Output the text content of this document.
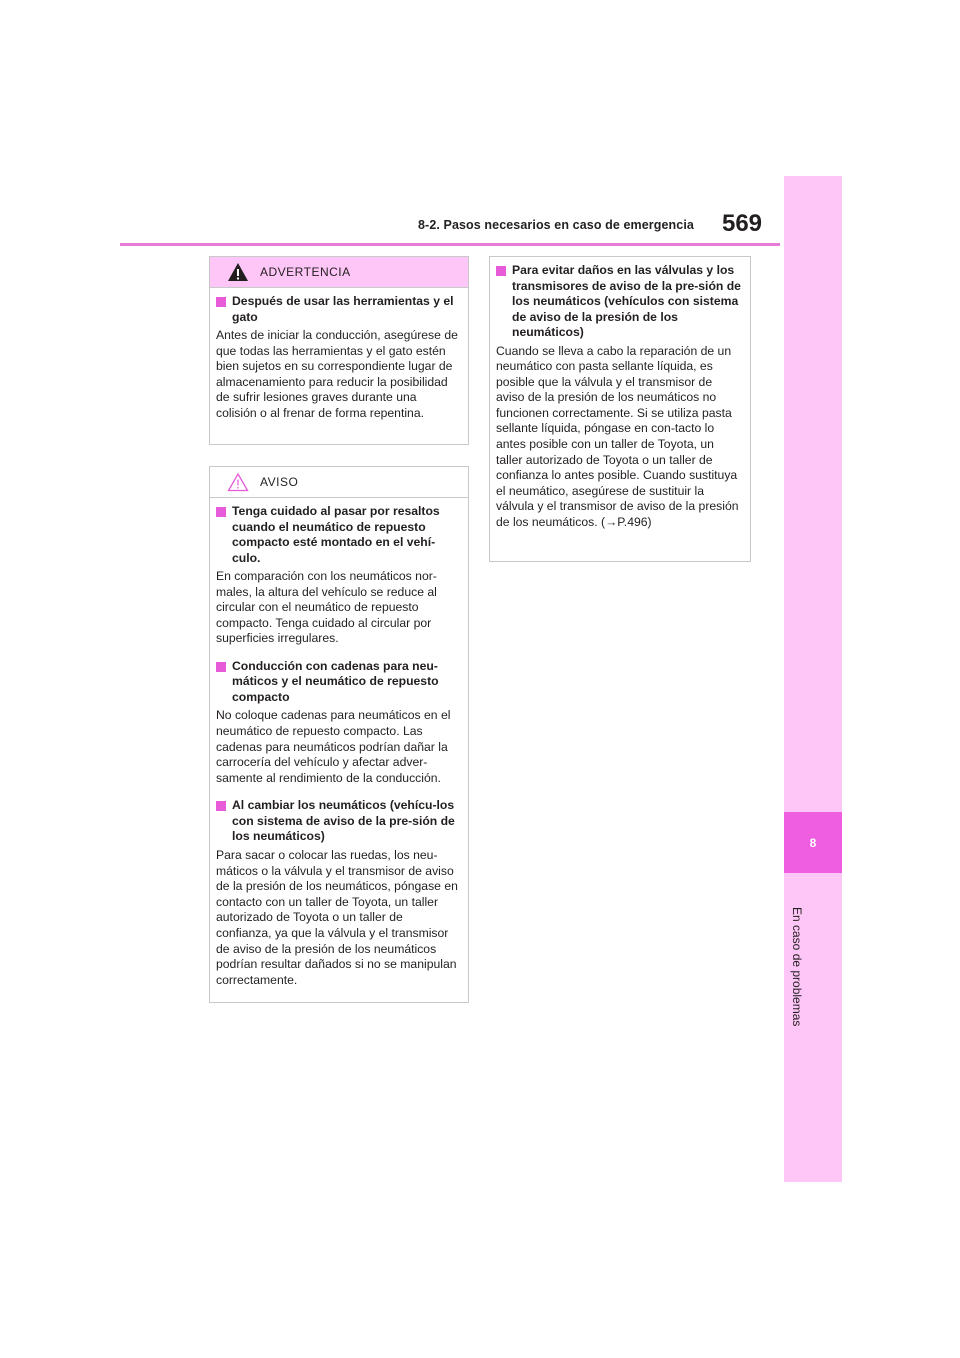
8-2. Pasos necesarios en caso de emergencia	569
8
En caso de problemas
ADVERTENCIA
Después de usar las herramientas y el gato
Antes de iniciar la conducción, asegúrese de que todas las herramientas y el gato estén bien sujetos en su correspondiente lugar de almacenamiento para reducir la posibilidad de sufrir lesiones graves durante una colisión o al frenar de forma repentina.
AVISO
Tenga cuidado al pasar por resaltos cuando el neumático de repuesto compacto esté montado en el vehí-culo.
En comparación con los neumáticos nor-males, la altura del vehículo se reduce al circular con el neumático de repuesto compacto. Tenga cuidado al circular por superficies irregulares.
Conducción con cadenas para neu-máticos y el neumático de repuesto compacto
No coloque cadenas para neumáticos en el neumático de repuesto compacto. Las cadenas para neumáticos podrían dañar la carrocería del vehículo y afectar adver-samente al rendimiento de la conducción.
Al cambiar los neumáticos (vehícu-los con sistema de aviso de la pre-sión de los neumáticos)
Para sacar o colocar las ruedas, los neu-máticos o la válvula y el transmisor de aviso de la presión de los neumáticos, póngase en contacto con un taller de Toyota, un taller autorizado de Toyota o un taller de confianza, ya que la válvula y el transmisor de aviso de la presión de los neumáticos podrían resultar dañados si no se manipulan correctamente.
Para evitar daños en las válvulas y los transmisores de aviso de la pre-sión de los neumáticos (vehículos con sistema de aviso de la presión de los neumáticos)
Cuando se lleva a cabo la reparación de un neumático con pasta sellante líquida, es posible que la válvula y el transmisor de aviso de la presión de los neumáticos no funcionen correctamente. Si se utiliza pasta sellante líquida, póngase en con-tacto lo antes posible con un taller de Toyota, un taller autorizado de Toyota o un taller de confianza lo antes posible. Cuando sustituya el neumático, asegúrese de sustituir la válvula y el transmisor de aviso de la presión de los neumáticos. (→P.496)
